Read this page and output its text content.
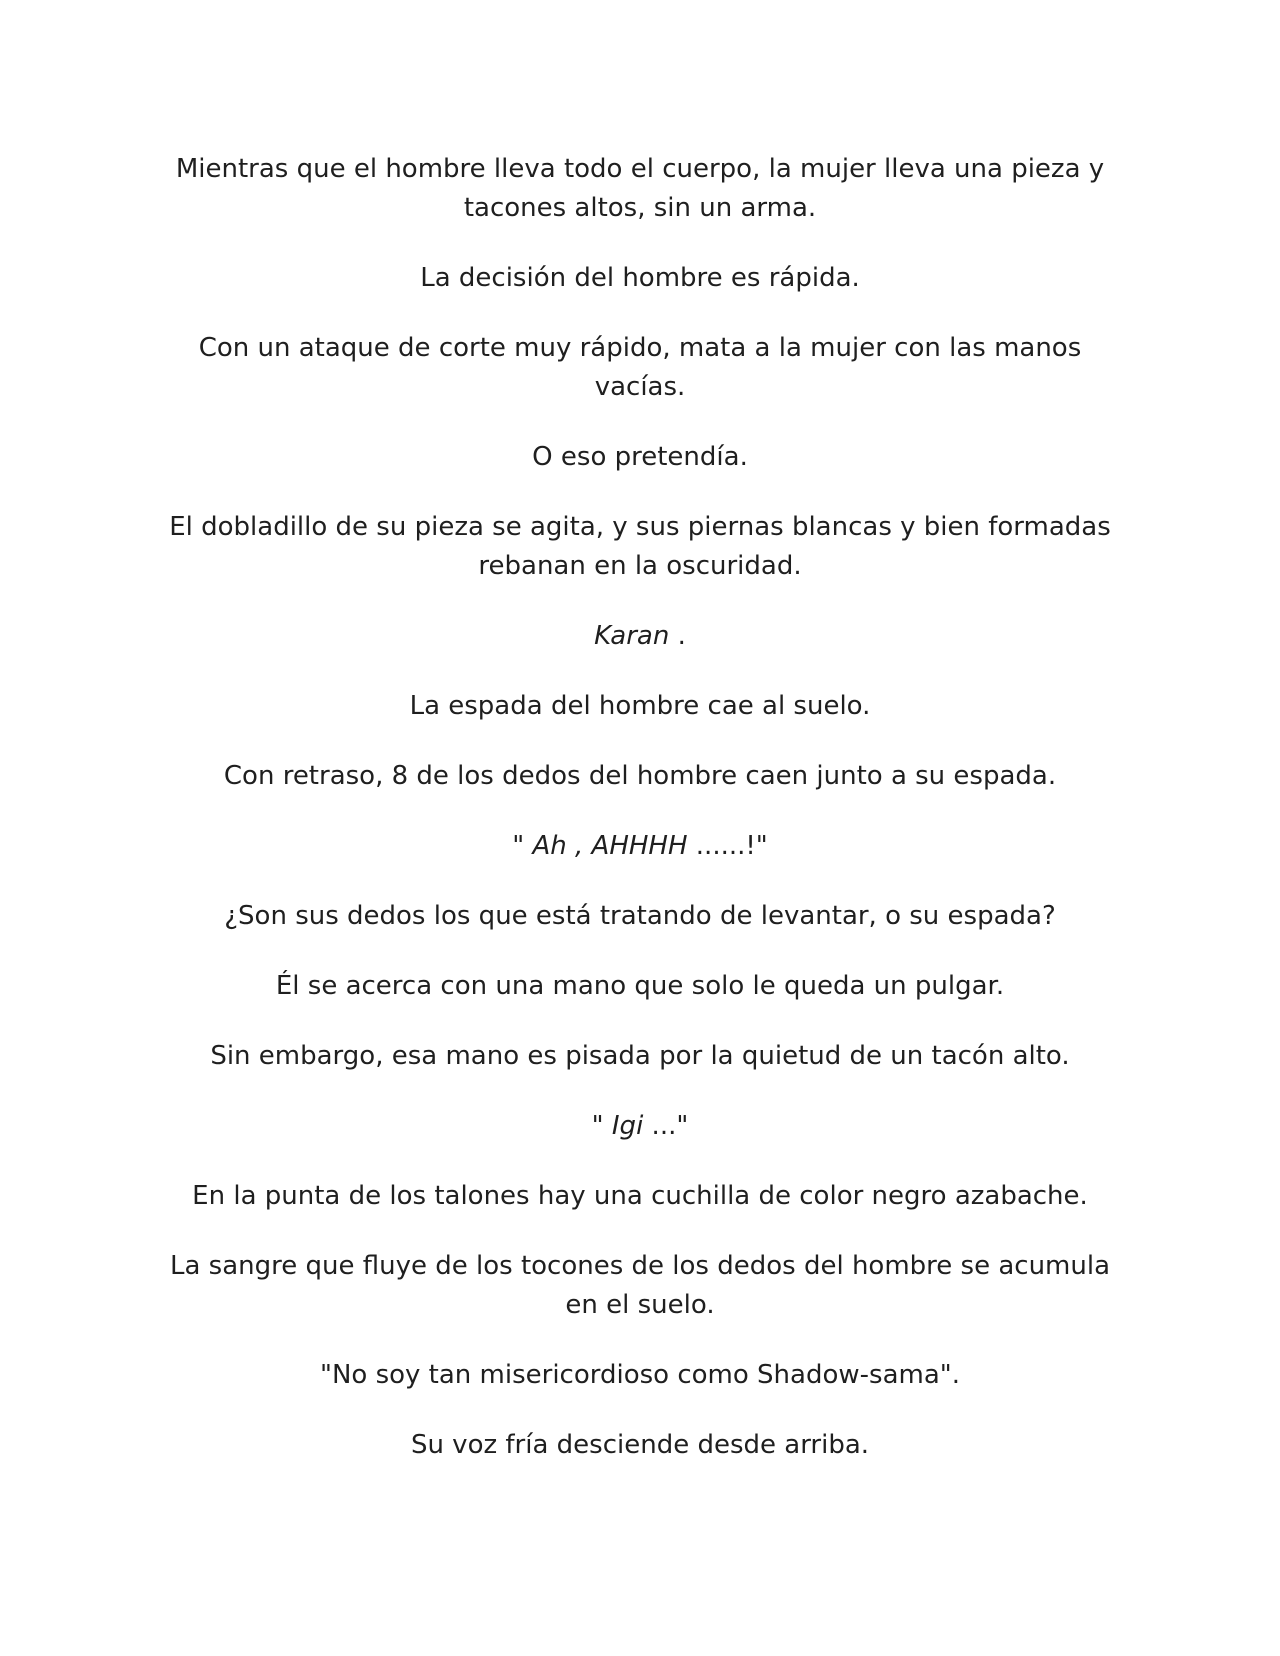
Mientras que el hombre lleva todo el cuerpo, la mujer lleva una pieza y tacones altos, sin un arma.

La decisión del hombre es rápida.

Con un ataque de corte muy rápido, mata a la mujer con las manos vacías.

O eso pretendía.

El dobladillo de su pieza se agita, y sus piernas blancas y bien formadas rebanan en la oscuridad.

Karan .

La espada del hombre cae al suelo.

Con retraso, 8 de los dedos del hombre caen junto a su espada.

" Ah , AHHHH ......!"

¿Son sus dedos los que está tratando de levantar, o su espada?

Él se acerca con una mano que solo le queda un pulgar.

Sin embargo, esa mano es pisada por la quietud de un tacón alto.

" Igi ..."

En la punta de los talones hay una cuchilla de color negro azabache.

La sangre que fluye de los tocones de los dedos del hombre se acumula en el suelo.

"No soy tan misericordioso como Shadow-sama".

Su voz fría desciende desde arriba.
